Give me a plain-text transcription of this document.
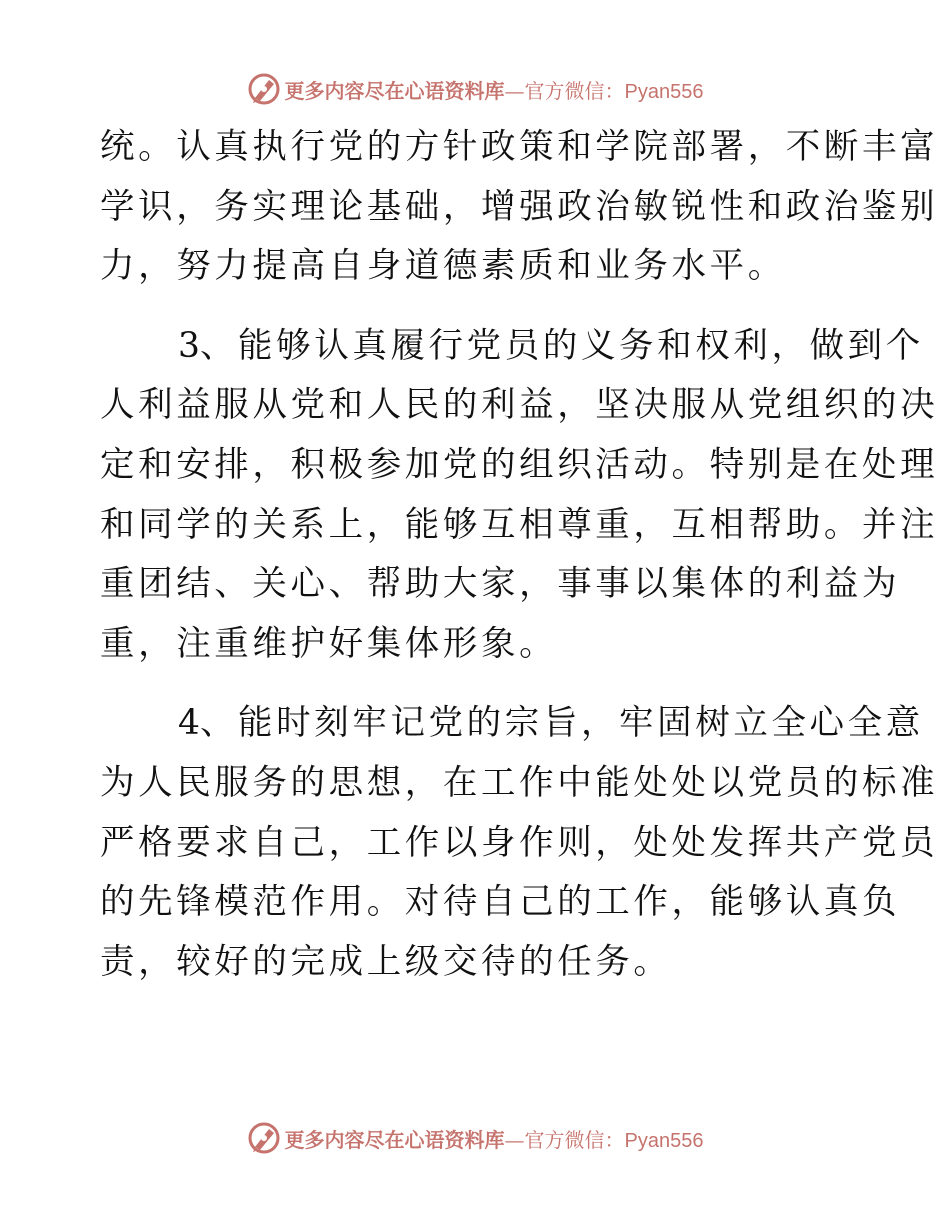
更多内容尽在心语资料库—官方微信：Pyan556

统。认真执行党的方针政策和学院部署，不断丰富
学识，务实理论基础，增强政治敏锐性和政治鉴别
力，努力提高自身道德素质和业务水平。

3、能够认真履行党员的义务和权利，做到个
人利益服从党和人民的利益，坚决服从党组织的决
定和安排，积极参加党的组织活动。特别是在处理
和同学的关系上，能够互相尊重，互相帮助。并注
重团结、关心、帮助大家，事事以集体的利益为
重，注重维护好集体形象。

4、能时刻牢记党的宗旨，牢固树立全心全意
为人民服务的思想，在工作中能处处以党员的标准
严格要求自己，工作以身作则，处处发挥共产党员
的先锋模范作用。对待自己的工作，能够认真负
责，较好的完成上级交待的任务。

更多内容尽在心语资料库—官方微信：Pyan556
